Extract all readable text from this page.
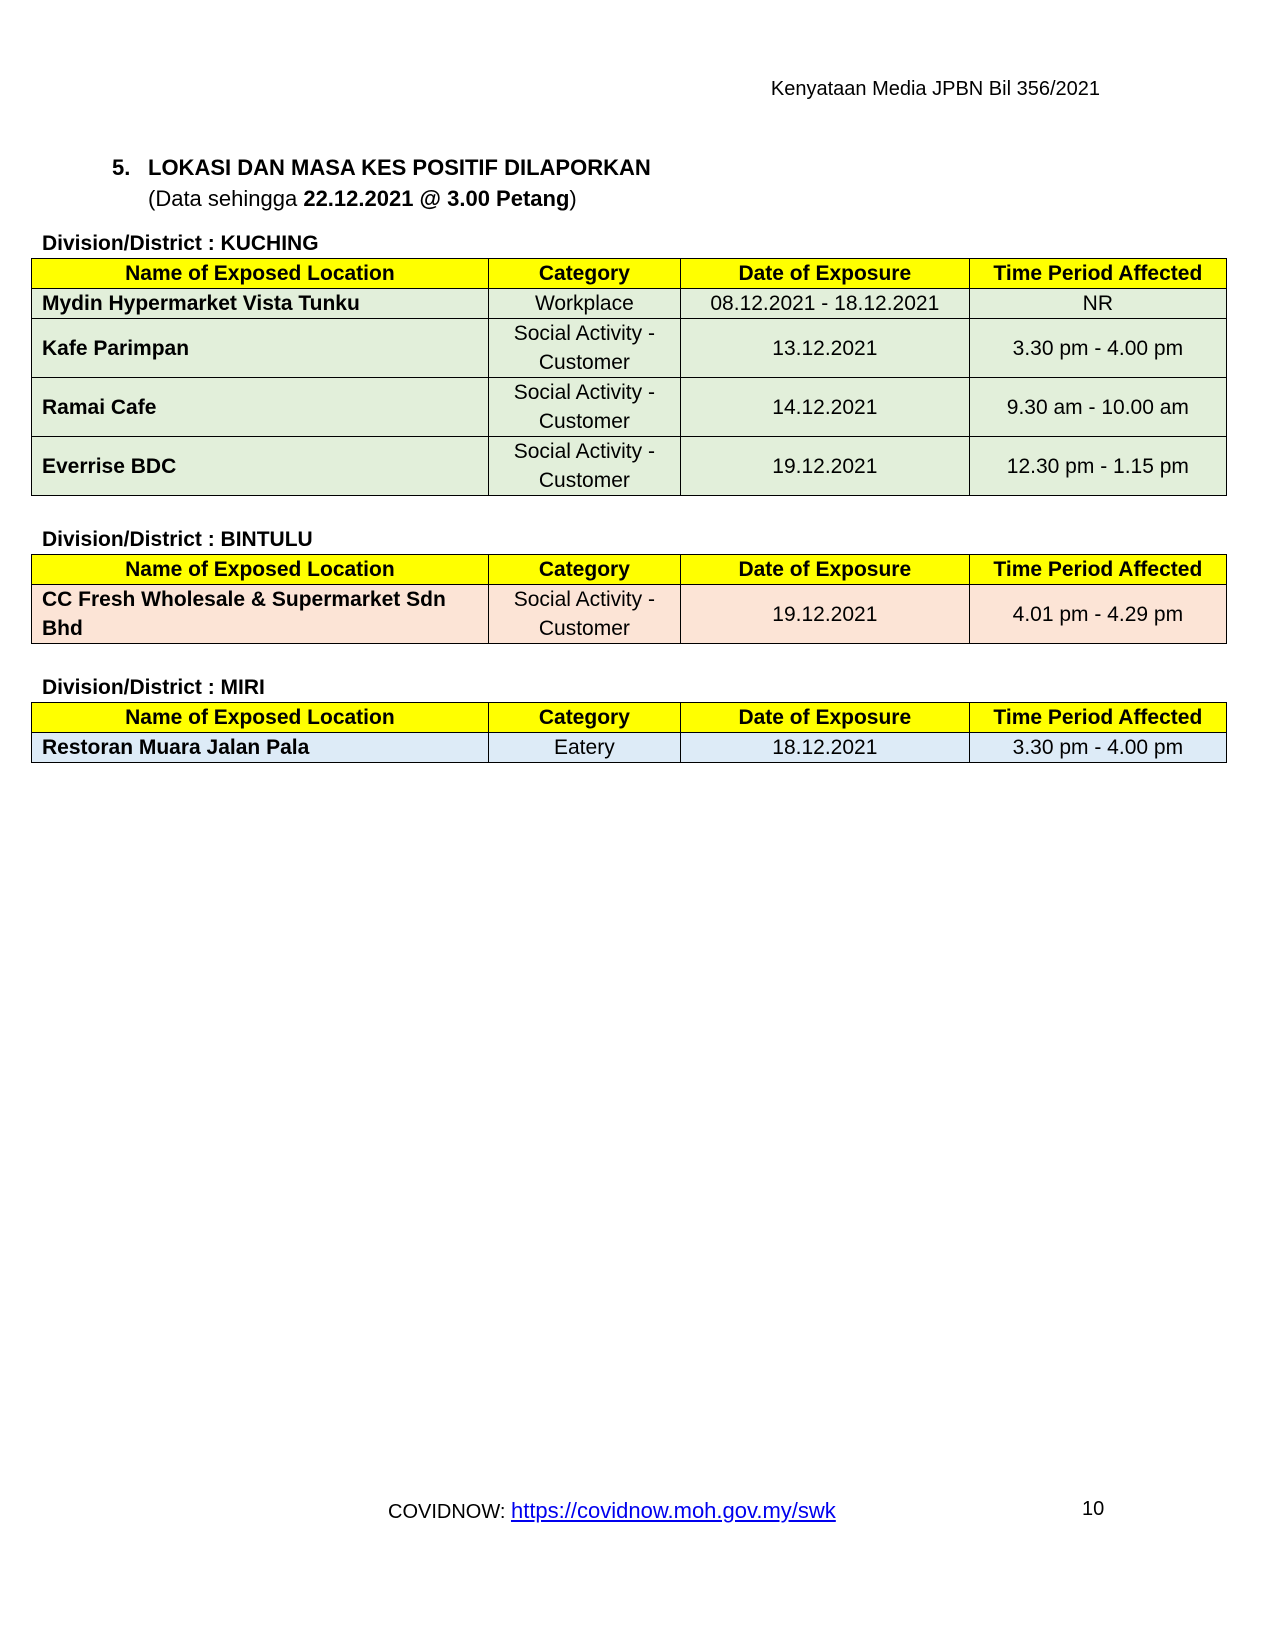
Kenyataan Media JPBN Bil 356/2021
5. LOKASI DAN MASA KES POSITIF DILAPORKAN
(Data sehingga 22.12.2021 @ 3.00 Petang)
Division/District : KUCHING
Name of Exposed Location	Category	Date of Exposure	Time Period Affected
Mydin Hypermarket Vista Tunku	Workplace	08.12.2021 - 18.12.2021	NR
Kafe Parimpan	Social Activity - Customer	13.12.2021	3.30 pm - 4.00 pm
Ramai Cafe	Social Activity - Customer	14.12.2021	9.30 am - 10.00 am
Everrise BDC	Social Activity - Customer	19.12.2021	12.30 pm - 1.15 pm
Division/District : BINTULU
Name of Exposed Location	Category	Date of Exposure	Time Period Affected
CC Fresh Wholesale & Supermarket Sdn Bhd	Social Activity - Customer	19.12.2021	4.01 pm - 4.29 pm
Division/District : MIRI
Name of Exposed Location	Category	Date of Exposure	Time Period Affected
Restoran Muara Jalan Pala	Eatery	18.12.2021	3.30 pm - 4.00 pm
COVIDNOW: https://covidnow.moh.gov.my/swk	10
